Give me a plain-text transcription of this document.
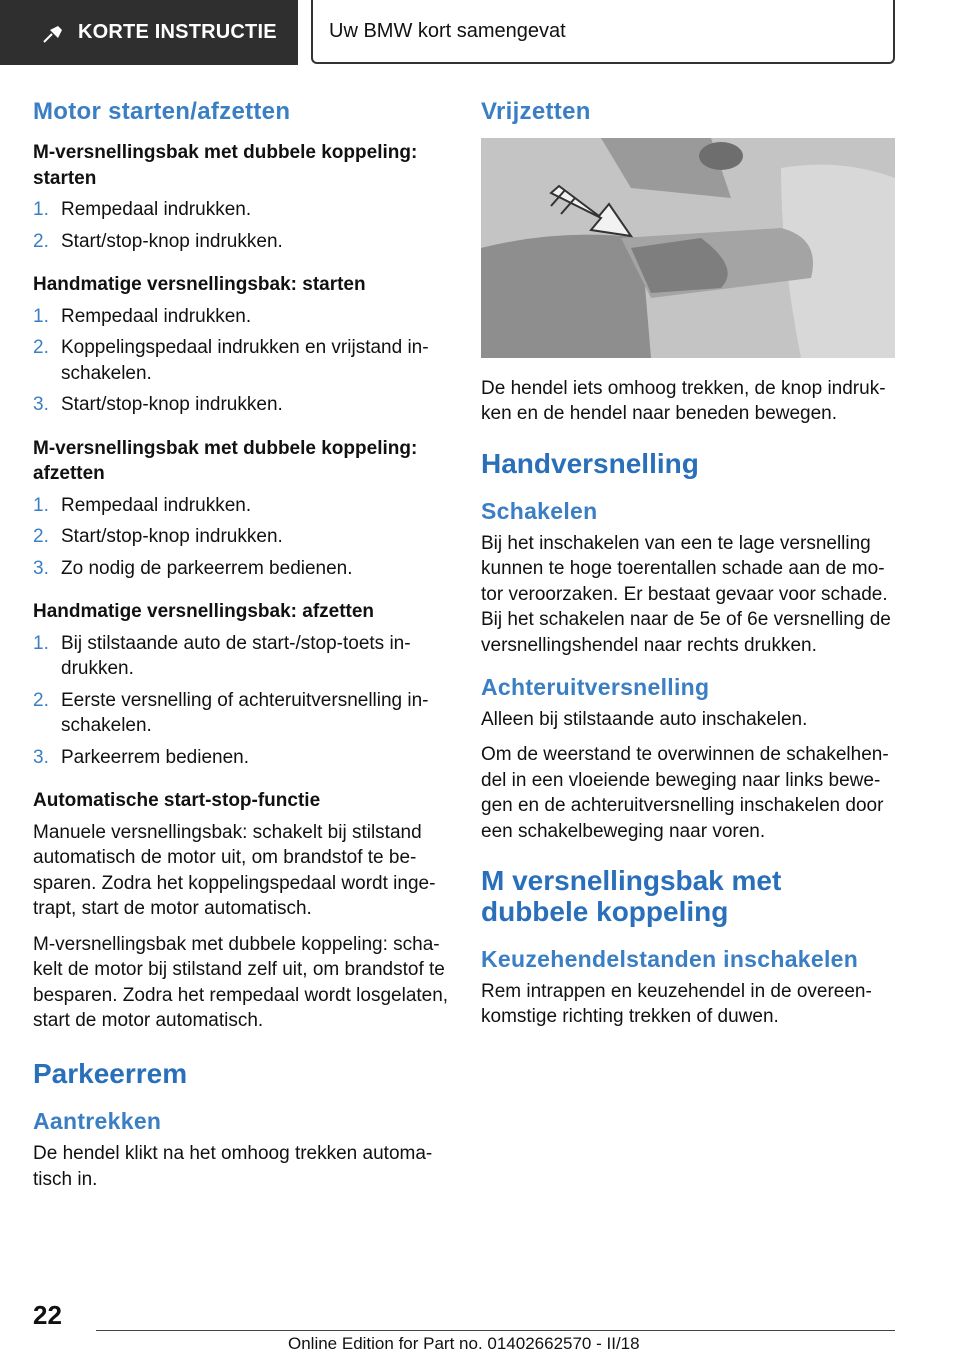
KORTE INSTRUCTIE	Uw BMW kort samengevat
Motor starten/afzetten
M-versnellingsbak met dubbele koppeling: starten
1. Rempedaal indrukken.
2. Start/stop-knop indrukken.
Handmatige versnellingsbak: starten
1. Rempedaal indrukken.
2. Koppelingspedaal indrukken en vrijstand in-schakelen.
3. Start/stop-knop indrukken.
M-versnellingsbak met dubbele koppeling: afzetten
1. Rempedaal indrukken.
2. Start/stop-knop indrukken.
3. Zo nodig de parkeerrem bedienen.
Handmatige versnellingsbak: afzetten
1. Bij stilstaande auto de start-/stop-toets in-drukken.
2. Eerste versnelling of achteruitversnelling in-schakelen.
3. Parkeerrem bedienen.
Automatische start-stop-functie
Manuele versnellingsbak: schakelt bij stilstand automatisch de motor uit, om brandstof te be-sparen. Zodra het koppelingspedaal wordt inge-trapt, start de motor automatisch.
M-versnellingsbak met dubbele koppeling: scha-kelt de motor bij stilstand zelf uit, om brandstof te besparen. Zodra het rempedaal wordt losgelaten, start de motor automatisch.
Parkeerrem
Aantrekken
De hendel klikt na het omhoog trekken automa-tisch in.
Vrijzetten
De hendel iets omhoog trekken, de knop indruk-ken en de hendel naar beneden bewegen.
Handversnelling
Schakelen
Bij het inschakelen van een te lage versnelling kunnen te hoge toerentallen schade aan de mo-tor veroorzaken. Er bestaat gevaar voor schade. Bij het schakelen naar de 5e of 6e versnelling de versnellingshendel naar rechts drukken.
Achteruitversnelling
Alleen bij stilstaande auto inschakelen.
Om de weerstand te overwinnen de schakelhen-del in een vloeiende beweging naar links bewe-gen en de achteruitversnelling inschakelen door een schakelbeweging naar voren.
M versnellingsbak met dubbele koppeling
Keuzehendelstanden inschakelen
Rem intrappen en keuzehendel in de overeen-komstige richting trekken of duwen.
22
Online Edition for Part no. 01402662570 - II/18
